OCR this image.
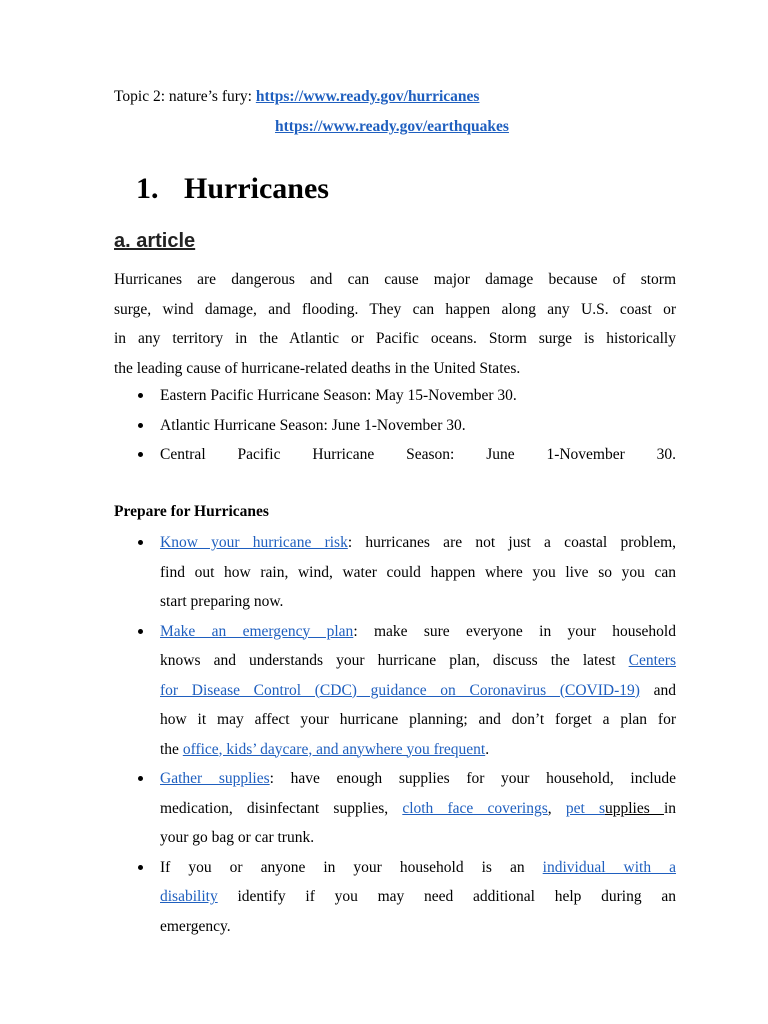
Topic 2: nature’s fury: https://www.ready.gov/hurricanes
https://www.ready.gov/earthquakes
1. Hurricanes
a. article
Hurricanes are dangerous and can cause major damage because of storm
surge, wind damage, and flooding. They can happen along any U.S. coast or
in any territory in the Atlantic or Pacific oceans. Storm surge is historically
the leading cause of hurricane-related deaths in the United States.
Eastern Pacific Hurricane Season: May 15-November 30.
Atlantic Hurricane Season: June 1-November 30.
Central Pacific Hurricane Season: June 1-November 30.
Prepare for Hurricanes
Know your hurricane risk: hurricanes are not just a coastal problem,
find out how rain, wind, water could happen where you live so you can
start preparing now.
Make an emergency plan: make sure everyone in your household
knows and understands your hurricane plan, discuss the latest Centers
for Disease Control (CDC) guidance on Coronavirus (COVID-19) and
how it may affect your hurricane planning; and don’t forget a plan for
the office, kids’ daycare, and anywhere you frequent.
Gather supplies: have enough supplies for your household, include
medication, disinfectant supplies, cloth face coverings, pet supplies in
your go bag or car trunk.
If you or anyone in your household is an individual with a
disability identify if you may need additional help during an
emergency.
